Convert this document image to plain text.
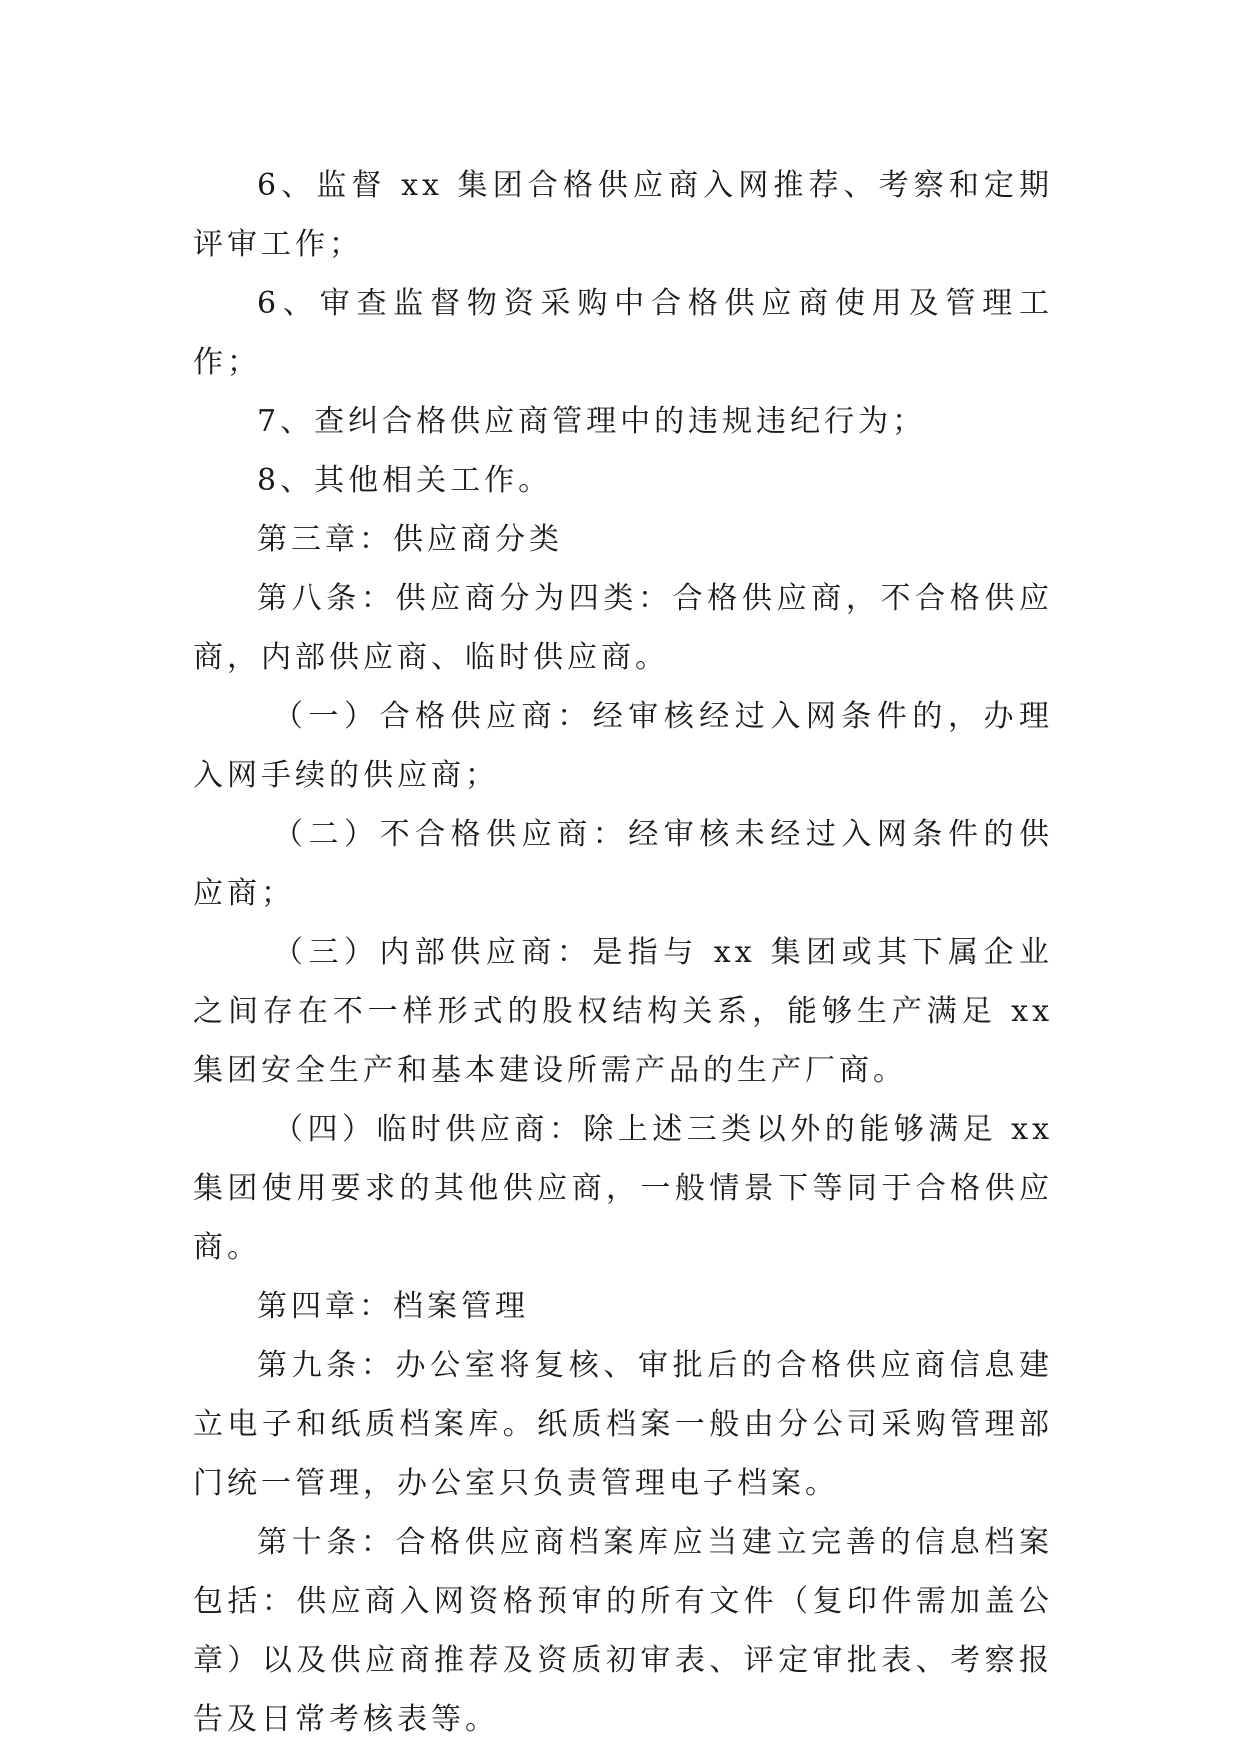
6、监督 xx 集团合格供应商入网推荐、考察和定期评审工作；

6、审查监督物资采购中合格供应商使用及管理工作；

7、查纠合格供应商管理中的违规违纪行为；

8、其他相关工作。

第三章：供应商分类

第八条：供应商分为四类：合格供应商，不合格供应商，内部供应商、临时供应商。

（一）合格供应商：经审核经过入网条件的，办理入网手续的供应商；

（二）不合格供应商：经审核未经过入网条件的供应商；

（三）内部供应商：是指与 xx 集团或其下属企业之间存在不一样形式的股权结构关系，能够生产满足 xx 集团安全生产和基本建设所需产品的生产厂商。

（四）临时供应商：除上述三类以外的能够满足 xx 集团使用要求的其他供应商，一般情景下等同于合格供应商。

第四章：档案管理

第九条：办公室将复核、审批后的合格供应商信息建立电子和纸质档案库。纸质档案一般由分公司采购管理部门统一管理，办公室只负责管理电子档案。

第十条：合格供应商档案库应当建立完善的信息档案包括：供应商入网资格预审的所有文件（复印件需加盖公章）以及供应商推荐及资质初审表、评定审批表、考察报告及日常考核表等。
